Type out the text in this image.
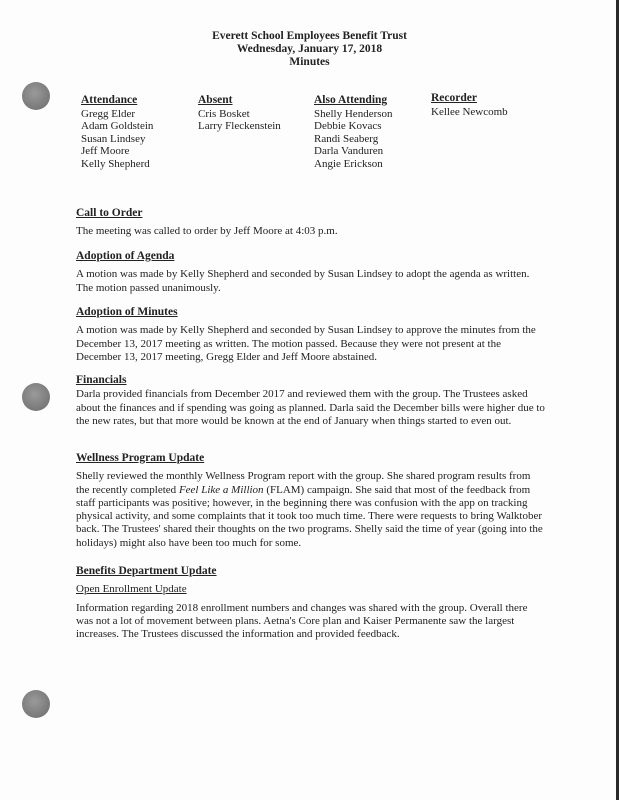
Everett School Employees Benefit Trust
Wednesday, January 17, 2018
Minutes
Attendance
Gregg Elder
Adam Goldstein
Susan Lindsey
Jeff Moore
Kelly Shepherd
Absent
Cris Bosket
Larry Fleckenstein
Also Attending
Shelly Henderson
Debbie Kovacs
Randi Seaberg
Darla Vanduren
Angie Erickson
Recorder
Kellee Newcomb
Call to Order

The meeting was called to order by Jeff Moore at 4:03 p.m.

Adoption of Agenda

A motion was made by Kelly Shepherd and seconded by Susan Lindsey to adopt the agenda as written. The motion passed unanimously.

Adoption of Minutes

A motion was made by Kelly Shepherd and seconded by Susan Lindsey to approve the minutes from the December 13, 2017 meeting as written. The motion passed. Because they were not present at the December 13, 2017 meeting, Gregg Elder and Jeff Moore abstained.

Financials

Darla provided financials from December 2017 and reviewed them with the group. The Trustees asked about the finances and if spending was going as planned. Darla said the December bills were higher due to the new rates, but that more would be known at the end of January when things started to even out.

Wellness Program Update

Shelly reviewed the monthly Wellness Program report with the group. She shared program results from the recently completed Feel Like a Million (FLAM) campaign. She said that most of the feedback from staff participants was positive; however, in the beginning there was confusion with the app on tracking physical activity, and some complaints that it took too much time. There were requests to bring Walktober back. The Trustees' shared their thoughts on the two programs. Shelly said the time of year (going into the holidays) might also have been too much for some.

Benefits Department Update
Open Enrollment Update

Information regarding 2018 enrollment numbers and changes was shared with the group. Overall there was not a lot of movement between plans. Aetna's Core plan and Kaiser Permanente saw the largest increases. The Trustees discussed the information and provided feedback.
